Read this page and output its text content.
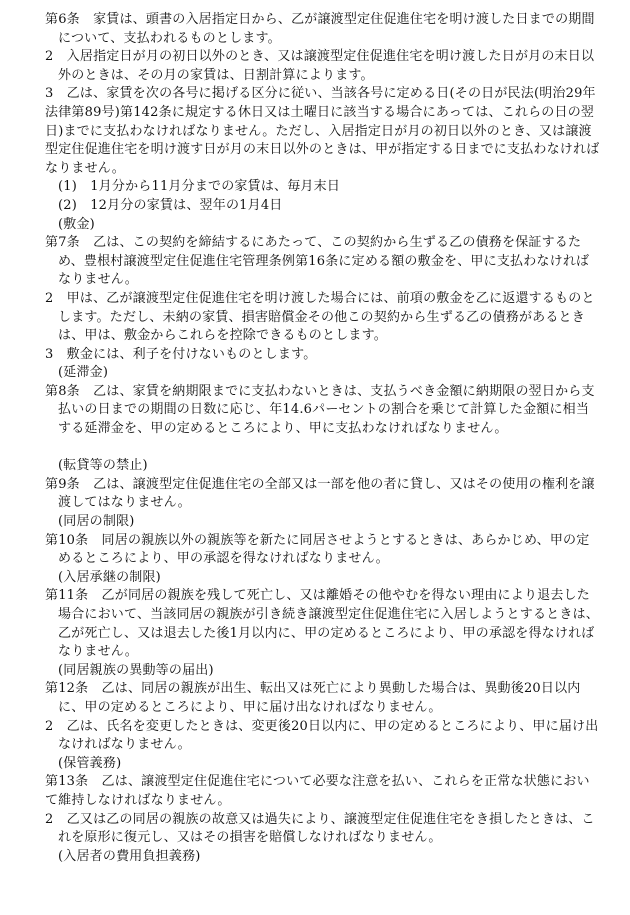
第6条　家賃は、頭書の入居指定日から、乙が譲渡型定住促進住宅を明け渡した日までの期間について、支払われるものとします。
2　入居指定日が月の初日以外のとき、又は譲渡型定住促進住宅を明け渡した日が月の末日以外のときは、その月の家賃は、日割計算によります。
3　乙は、家賃を次の各号に掲げる区分に従い、当該各号に定める日(その日が民法(明治29年法律第89号)第142条に規定する休日又は土曜日に該当する場合にあっては、これらの日の翌日)までに支払わなければなりません。ただし、入居指定日が月の初日以外のとき、又は譲渡型定住促進住宅を明け渡す日が月の末日以外のときは、甲が指定する日までに支払わなければなりません。
(1)　1月分から11月分までの家賃は、毎月末日
(2)　12月分の家賃は、翌年の1月4日
(敷金)
第7条　乙は、この契約を締結するにあたって、この契約から生ずる乙の債務を保証するため、豊根村譲渡型定住促進住宅管理条例第16条に定める額の敷金を、甲に支払わなければなりません。
2　甲は、乙が譲渡型定住促進住宅を明け渡した場合には、前項の敷金を乙に返還するものとします。ただし、未納の家賃、損害賠償金その他この契約から生ずる乙の債務があるときは、甲は、敷金からこれらを控除できるものとします。
3　敷金には、利子を付けないものとします。
(延滞金)
第8条　乙は、家賃を納期限までに支払わないときは、支払うべき金額に納期限の翌日から支払いの日までの期間の日数に応じ、年14.6パーセントの割合を乗じて計算した金額に相当する延滞金を、甲の定めるところにより、甲に支払わなければなりません。
(転貸等の禁止)
第9条　乙は、譲渡型定住促進住宅の全部又は一部を他の者に貸し、又はその使用の権利を譲渡してはなりません。
(同居の制限)
第10条　同居の親族以外の親族等を新たに同居させようとするときは、あらかじめ、甲の定めるところにより、甲の承認を得なければなりません。
(入居承継の制限)
第11条　乙が同居の親族を残して死亡し、又は離婚その他やむを得ない理由により退去した場合において、当該同居の親族が引き続き譲渡型定住促進住宅に入居しようとするときは、乙が死亡し、又は退去した後1月以内に、甲の定めるところにより、甲の承認を得なければなりません。
(同居親族の異動等の届出)
第12条　乙は、同居の親族が出生、転出又は死亡により異動した場合は、異動後20日以内に、甲の定めるところにより、甲に届け出なければなりません。
2　乙は、氏名を変更したときは、変更後20日以内に、甲の定めるところにより、甲に届け出なければなりません。
(保管義務)
第13条　乙は、譲渡型定住促進住宅について必要な注意を払い、これらを正常な状態において維持しなければなりません。
2　乙又は乙の同居の親族の故意又は過失により、譲渡型定住促進住宅をき損したときは、これを原形に復元し、又はその損害を賠償しなければなりません。
(入居者の費用負担義務)
